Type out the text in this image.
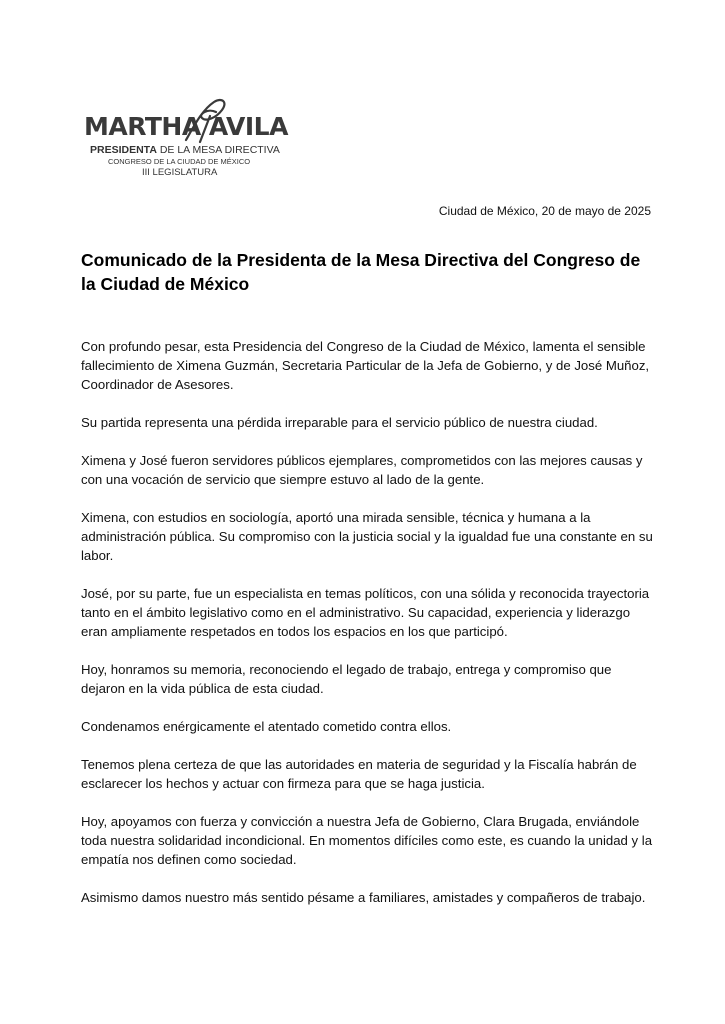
MARTHA AVILA
PRESIDENTA DE LA MESA DIRECTIVA
CONGRESO DE LA CIUDAD DE MÉXICO
III LEGISLATURA
Ciudad de México, 20 de mayo de 2025
Comunicado de la Presidenta de la Mesa Directiva del Congreso de la Ciudad de México

Con profundo pesar, esta Presidencia del Congreso de la Ciudad de México, lamenta el sensible fallecimiento de Ximena Guzmán, Secretaria Particular de la Jefa de Gobierno, y de José Muñoz, Coordinador de Asesores.

Su partida representa una pérdida irreparable para el servicio público de nuestra ciudad.

Ximena y José fueron servidores públicos ejemplares, comprometidos con las mejores causas y con una vocación de servicio que siempre estuvo al lado de la gente.

Ximena, con estudios en sociología, aportó una mirada sensible, técnica y humana a la administración pública. Su compromiso con la justicia social y la igualdad fue una constante en su labor.

José, por su parte, fue un especialista en temas políticos, con una sólida y reconocida trayectoria tanto en el ámbito legislativo como en el administrativo. Su capacidad, experiencia y liderazgo eran ampliamente respetados en todos los espacios en los que participó.

Hoy, honramos su memoria, reconociendo el legado de trabajo, entrega y compromiso que dejaron en la vida pública de esta ciudad.

Condenamos enérgicamente el atentado cometido contra ellos.

Tenemos plena certeza de que las autoridades en materia de seguridad y la Fiscalía habrán de esclarecer los hechos y actuar con firmeza para que se haga justicia.

Hoy, apoyamos con fuerza y convicción a nuestra Jefa de Gobierno, Clara Brugada, enviándole toda nuestra solidaridad incondicional. En momentos difíciles como este, es cuando la unidad y la empatía nos definen como sociedad.

Asimismo damos nuestro más sentido pésame a familiares, amistades y compañeros de trabajo.
